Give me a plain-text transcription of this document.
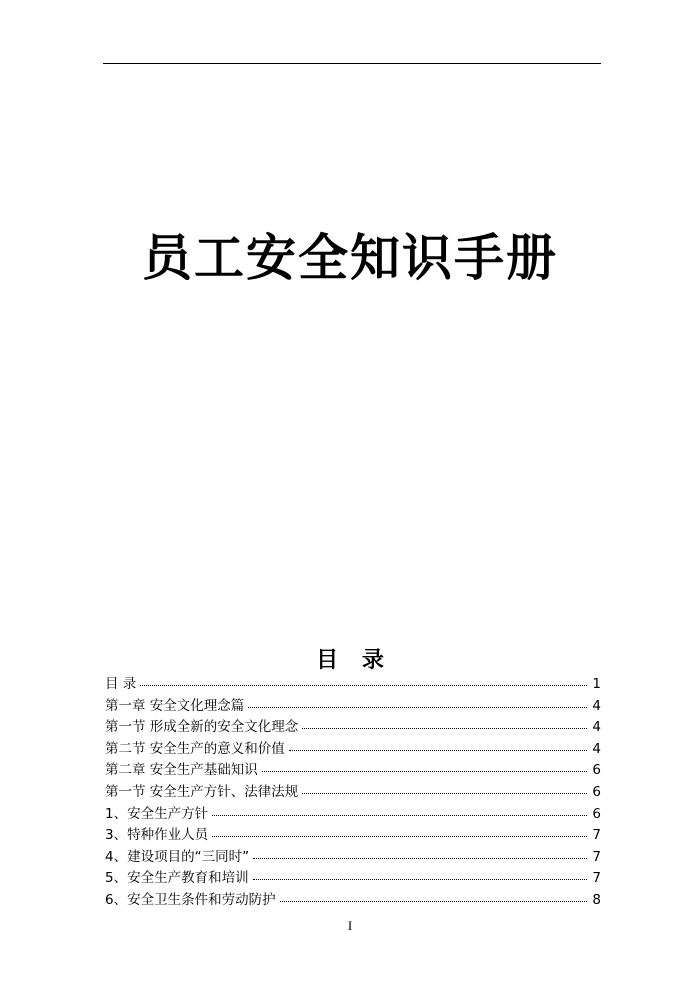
员工安全知识手册
目 录
目 录	1
第一章 安全文化理念篇	4
第一节 形成全新的安全文化理念	4
第二节 安全生产的意义和价值	4
第二章 安全生产基础知识	6
第一节 安全生产方针、法律法规	6
1、安全生产方针	6
3、特种作业人员	7
4、建设项目的“三同时”	7
5、安全生产教育和培训	7
6、安全卫生条件和劳动防护	8
I
